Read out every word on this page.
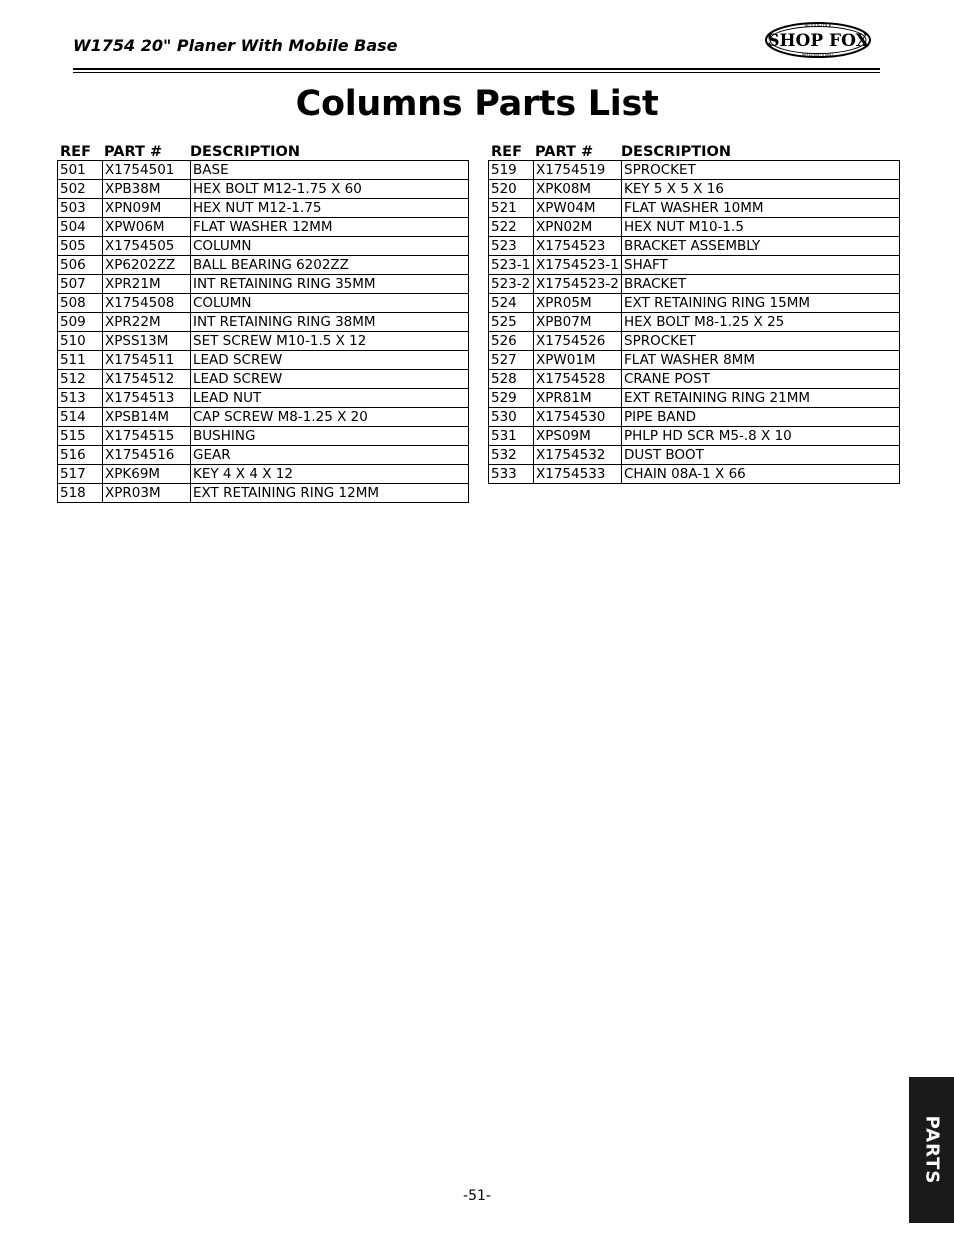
W1754 20" Planer With Mobile Base	SHOP FOX
WOODSTOCK
INTERNATIONAL
Columns Parts List
REF PART #	DESCRIPTION
501	X1754501	BASE
502	XPB38M	HEX BOLT M12-1.75 X 60
503	XPN09M	HEX NUT M12-1.75
504	XPW06M	FLAT WASHER 12MM
505	X1754505	COLUMN
506	XP6202ZZ	BALL BEARING 6202ZZ
507	XPR21M	INT RETAINING RING 35MM
508	X1754508	COLUMN
509	XPR22M	INT RETAINING RING 38MM
510	XPSS13M	SET SCREW M10-1.5 X 12
511	X1754511	LEAD SCREW
512	X1754512	LEAD SCREW
513	X1754513	LEAD NUT
514	XPSB14M	CAP SCREW M8-1.25 X 20
515	X1754515	BUSHING
516	X1754516	GEAR
517	XPK69M	KEY 4 X 4 X 12
518	XPR03M	EXT RETAINING RING 12MM
REF PART #	DESCRIPTION
519	X1754519	SPROCKET
520	XPK08M	KEY 5 X 5 X 16
521	XPW04M	FLAT WASHER 10MM
522	XPN02M	HEX NUT M10-1.5
523	X1754523	BRACKET ASSEMBLY
523-1	X1754523-1	SHAFT
523-2	X1754523-2	BRACKET
524	XPR05M	EXT RETAINING RING 15MM
525	XPB07M	HEX BOLT M8-1.25 X 25
526	X1754526	SPROCKET
527	XPW01M	FLAT WASHER 8MM
528	X1754528	CRANE POST
529	XPR81M	EXT RETAINING RING 21MM
530	X1754530	PIPE BAND
531	XPS09M	PHLP HD SCR M5-.8 X 10
532	X1754532	DUST BOOT
533	X1754533	CHAIN 08A-1 X 66
PARTS
-51-
